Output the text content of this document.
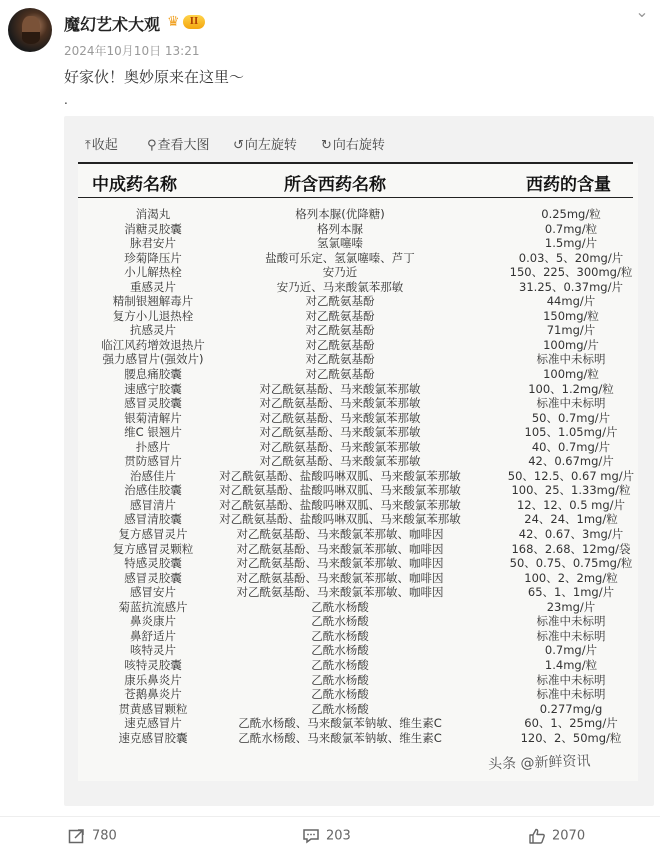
魔幻艺术大观 ♛	II
⌄
2024年10月10日 13:21
好家伙！奥妙原来在这里～
.
⤒收起 ⚲查看大图 ↺向左旋转 ↻向右旋转
中成药名称	所含西药名称	西药的含量
消渴丸	格列本脲(优降糖)	0.25mg/粒
消糖灵胶囊	格列本脲	0.7mg/粒
脉君安片	氢氯噻嗪	1.5mg/片
珍菊降压片	盐酸可乐定、氢氯噻嗪、芦丁	0.03、5、20mg/片
小儿解热栓	安乃近	150、225、300mg/粒
重感灵片	安乃近、马来酸氯苯那敏	31.25、0.37mg/片
精制银翘解毒片	对乙酰氨基酚	44mg/片
复方小儿退热栓	对乙酰氨基酚	150mg/粒
抗感灵片	对乙酰氨基酚	71mg/片
临江风药增效退热片	对乙酰氨基酚	100mg/片
强力感冒片(强效片)	对乙酰氨基酚	标准中未标明
腰息痛胶囊	对乙酰氨基酚	100mg/粒
速感宁胶囊	对乙酰氨基酚、马来酸氯苯那敏	100、1.2mg/粒
感冒灵胶囊	对乙酰氨基酚、马来酸氯苯那敏	标准中未标明
银菊清解片	对乙酰氨基酚、马来酸氯苯那敏	50、0.7mg/片
维C 银翘片	对乙酰氨基酚、马来酸氯苯那敏	105、1.05mg/片
扑感片	对乙酰氨基酚、马来酸氯苯那敏	40、0.7mg/片
贯防感冒片	对乙酰氨基酚、马来酸氯苯那敏	42、0.67mg/片
治感佳片	对乙酰氨基酚、盐酸吗啉双胍、马来酸氯苯那敏	50、12.5、0.67 mg/片
治感佳胶囊	对乙酰氨基酚、盐酸吗啉双胍、马来酸氯苯那敏	100、25、1.33mg/粒
感冒清片	对乙酰氨基酚、盐酸吗啉双胍、马来酸氯苯那敏	12、12、0.5 mg/片
感冒清胶囊	对乙酰氨基酚、盐酸吗啉双胍、马来酸氯苯那敏	24、24、1mg/粒
复方感冒灵片	对乙酰氨基酚、马来酸氯苯那敏、咖啡因	42、0.67、3mg/片
复方感冒灵颗粒	对乙酰氨基酚、马来酸氯苯那敏、咖啡因	168、2.68、12mg/袋
特感灵胶囊	对乙酰氨基酚、马来酸氯苯那敏、咖啡因	50、0.75、0.75mg/粒
感冒灵胶囊	对乙酰氨基酚、马来酸氯苯那敏、咖啡因	100、2、2mg/粒
感冒安片	对乙酰氨基酚、马来酸氯苯那敏、咖啡因	65、1、1mg/片
菊蓝抗流感片	乙酰水杨酸	23mg/片
鼻炎康片	乙酰水杨酸	标准中未标明
鼻舒适片	乙酰水杨酸	标准中未标明
咳特灵片	乙酰水杨酸	0.7mg/片
咳特灵胶囊	乙酰水杨酸	1.4mg/粒
康乐鼻炎片	乙酰水杨酸	标准中未标明
苍鹅鼻炎片	乙酰水杨酸	标准中未标明
贯黄感冒颗粒	乙酰水杨酸	0.277mg/g
速克感冒片	乙酰水杨酸、马来酸氯苯钠敏、维生素C	60、1、25mg/片
速克感冒胶囊	乙酰水杨酸、马来酸氯苯钠敏、维生素C	120、2、50mg/粒
头条 @新鲜资讯
780	203	2070
